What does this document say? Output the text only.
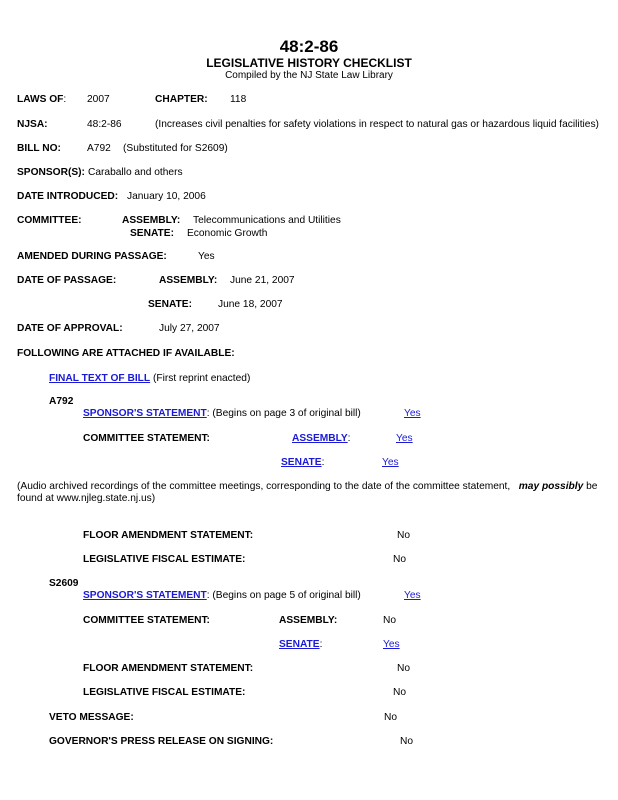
48:2-86
LEGISLATIVE HISTORY CHECKLIST
Compiled by the NJ State Law Library
LAWS OF: 2007	CHAPTER: 118
NJSA:	48:2-86	(Increases civil penalties for safety violations in respect to natural gas or hazardous liquid facilities)
BILL NO:	A792 (Substituted for S2609)
SPONSOR(S): Caraballo and others
DATE INTRODUCED: January 10, 2006
COMMITTEE:	ASSEMBLY: Telecommunications and Utilities
SENATE: Economic Growth
AMENDED DURING PASSAGE:	Yes
DATE OF PASSAGE:	ASSEMBLY: June 21, 2007
SENATE:	June 18, 2007
DATE OF APPROVAL:	July 27, 2007
FOLLOWING ARE ATTACHED IF AVAILABLE:
FINAL TEXT OF BILL (First reprint enacted)
A792
SPONSOR'S STATEMENT: (Begins on page 3 of original bill)	Yes
COMMITTEE STATEMENT:	ASSEMBLY:	Yes
SENATE:	Yes
(Audio archived recordings of the committee meetings, corresponding to the date of the committee statement, may possibly be
found at www.njleg.state.nj.us)
FLOOR AMENDMENT STATEMENT:	No
LEGISLATIVE FISCAL ESTIMATE:	No
S2609
SPONSOR'S STATEMENT: (Begins on page 5 of original bill)	Yes
COMMITTEE STATEMENT:	ASSEMBLY:	No
SENATE:	Yes
FLOOR AMENDMENT STATEMENT:	No
LEGISLATIVE FISCAL ESTIMATE:	No
VETO MESSAGE:	No
GOVERNOR'S PRESS RELEASE ON SIGNING:	No
